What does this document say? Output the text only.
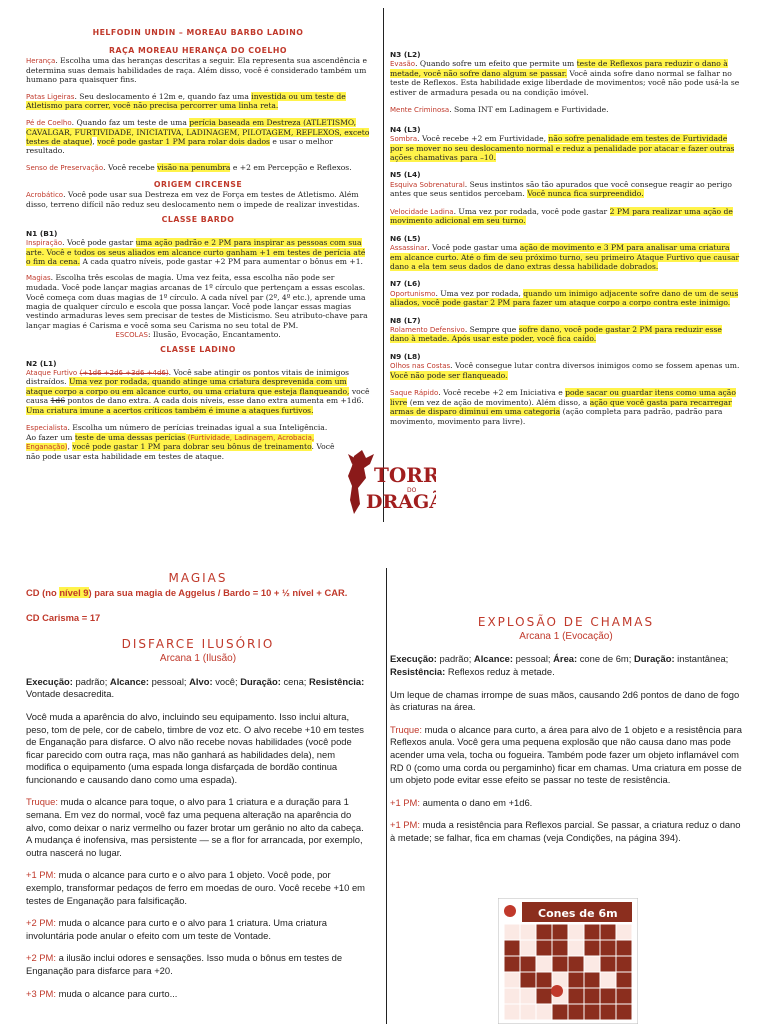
HELFODIN UNDIN – MOREAU BARBO LADINO
RAÇA MOREAU HERANÇA DO COELHO

Herança. Escolha uma das heranças descritas a seguir. Ela representa sua ascendência e determina suas demais habilidades de raça. Além disso, você é considerado também um humano para quaisquer fins.

Patas Ligeiras. Seu deslocamento é 12m e, quando faz uma investida ou um teste de Atletismo para correr, você não precisa percorrer uma linha reta.

Pé de Coelho. Quando faz um teste de uma perícia baseada em Destreza (ATLETISMO, CAVALGAR, FURTIVIDADE, INICIATIVA, LADINAGEM, PILOTAGEM, REFLEXOS, exceto testes de ataque), você pode gastar 1 PM para rolar dois dados e usar o melhor resultado.

Senso de Preservação. Você recebe visão na penumbra e +2 em Percepção e Reflexos.

ORIGEM CIRCENSE

Acrobático. Você pode usar sua Destreza em vez de Força em testes de Atletismo. Além disso, terreno difícil não reduz seu deslocamento nem o impede de realizar investidas.

CLASSE BARDO
N1 (B1)

Inspiração. Você pode gastar uma ação padrão e 2 PM para inspirar as pessoas com sua arte. Você e todos os seus aliados em alcance curto ganham +1 em testes de perícia até o fim da cena. A cada quatro níveis, pode gastar +2 PM para aumentar o bônus em +1.

Magias. Escolha três escolas de magia. Uma vez feita, essa escolha não pode ser mudada. Você pode lançar magias arcanas de 1º círculo que pertençam a essas escolas. Você começa com duas magias de 1º círculo. A cada nível par (2º, 4º etc.), aprende uma magia de qualquer círculo e escola que possa lançar. Você pode lançar essas magias vestindo armaduras leves sem precisar de testes de Misticismo. Seu atributo-chave para lançar magias é Carisma e você soma seu Carisma no seu total de PM.

ESCOLAS: Ilusão, Evocação, Encantamento.

CLASSE LADINO
N2 (L1)

Ataque Furtivo (+1d6 +2d6 +3d6 +4d6). Você sabe atingir os pontos vitais de inimigos distraídos. Uma vez por rodada, quando atinge uma criatura desprevenida com um ataque corpo a corpo ou em alcance curto, ou uma criatura que esteja flanqueando, você causa 1d6 pontos de dano extra. A cada dois níveis, esse dano extra aumenta em +1d6. Uma criatura imune a acertos críticos também é imune a ataques furtivos.

Especialista. Escolha um número de perícias treinadas igual a sua Inteligência. Ao fazer um teste de uma dessas perícias (Furtividade, Ladinagem, Acrobacia, Enganação), você pode gastar 1 PM para dobrar seu bônus de treinamento. Você não pode usar esta habilidade em testes de ataque.

N3 (L2)

Evasão. Quando sofre um efeito que permite um teste de Reflexos para reduzir o dano à metade, você não sofre dano algum se passar. Você ainda sofre dano normal se falhar no teste de Reflexos. Esta habilidade exige liberdade de movimentos; você não pode usá-la se estiver de armadura pesada ou na condição imóvel.

Mente Criminosa. Soma INT em Ladinagem e Furtividade.

N4 (L3)

Sombra. Você recebe +2 em Furtividade, não sofre penalidade em testes de Furtividade por se mover no seu deslocamento normal e reduz a penalidade por atacar e fazer outras ações chamativas para –10.

N5 (L4)

Esquiva Sobrenatural. Seus instintos são tão apurados que você consegue reagir ao perigo antes que seus sentidos percebam. Você nunca fica surpreendido.

Velocidade Ladina. Uma vez por rodada, você pode gastar 2 PM para realizar uma ação de movimento adicional em seu turno.

N6 (L5)

Assassinar. Você pode gastar uma ação de movimento e 3 PM para analisar uma criatura em alcance curto. Até o fim de seu próximo turno, seu primeiro Ataque Furtivo que causar dano a ela tem seus dados de dano extras dessa habilidade dobrados.

N7 (L6)

Oportunismo. Uma vez por rodada, quando um inimigo adjacente sofre dano de um de seus aliados, você pode gastar 2 PM para fazer um ataque corpo a corpo contra este inimigo.

N8 (L7)

Rolamento Defensivo. Sempre que sofre dano, você pode gastar 2 PM para reduzir esse dano à metade. Após usar este poder, você fica caído.

N9 (L8)

Olhos nas Costas. Você consegue lutar contra diversos inimigos como se fossem apenas um. Você não pode ser flanqueado.

Saque Rápido. Você recebe +2 em Iniciativa e pode sacar ou guardar itens como uma ação livre (em vez de ação de movimento). Além disso, a ação que você gasta para recarregar armas de disparo diminui em uma categoria (ação completa para padrão, padrão para movimento, movimento para livre).

TORR
DO
DRAG
MAGIAS

CD (no nível 9) para sua magia de Aggelus / Bardo = 10 + ½ nível + CAR.

CD Carisma = 17

DISFARCE ILUSÓRIO
Arcana 1 (Ilusão)

Execução: padrão; Alcance: pessoal; Alvo: você; Duração: cena; Resistência: Vontade desacredita.

Você muda a aparência do alvo, incluindo seu equipamento. Isso inclui altura, peso, tom de pele, cor de cabelo, timbre de voz etc. O alvo recebe +10 em testes de Enganação para disfarce. O alvo não recebe novas habilidades (você pode ficar parecido com outra raça, mas não ganhará as habilidades dela), nem modifica o equipamento (uma espada longa disfarçada de bordão continua funcionando e causando dano como uma espada).

Truque: muda o alcance para toque, o alvo para 1 criatura e a duração para 1 semana. Em vez do normal, você faz uma pequena alteração na aparência do alvo, como deixar o nariz vermelho ou fazer brotar um gerânio no alto da cabeça. A mudança é inofensiva, mas persistente — se a flor for arrancada, por exemplo, outra nascerá no lugar.

+1 PM: muda o alcance para curto e o alvo para 1 objeto. Você pode, por exemplo, transformar pedaços de ferro em moedas de ouro. Você recebe +10 em testes de Enganação para falsificação.

+2 PM: muda o alcance para curto e o alvo para 1 criatura. Uma criatura involuntária pode anular o efeito com um teste de Vontade.

+2 PM: a ilusão inclui odores e sensações. Isso muda o bônus em testes de Enganação para disfarce para +20.

+3 PM: muda o alcance para curto...

EXPLOSÃO DE CHAMAS
Arcana 1 (Evocação)

Execução: padrão; Alcance: pessoal; Área: cone de 6m; Duração: instantânea; Resistência: Reflexos reduz à metade.

Um leque de chamas irrompe de suas mãos, causando 2d6 pontos de dano de fogo às criaturas na área.

Truque: muda o alcance para curto, a área para alvo de 1 objeto e a resistência para Reflexos anula. Você gera uma pequena explosão que não causa dano mas pode acender uma vela, tocha ou fogueira. Também pode fazer um objeto inflamável com RD 0 (como uma corda ou pergaminho) ficar em chamas. Uma criatura em posse de um objeto pode evitar esse efeito se passar no teste de resistência.

+1 PM: aumenta o dano em +1d6.

+1 PM: muda a resistência para Reflexos parcial. Se passar, a criatura reduz o dano à metade; se falhar, fica em chamas (veja Condições, na página 394).

Cones de 6m
